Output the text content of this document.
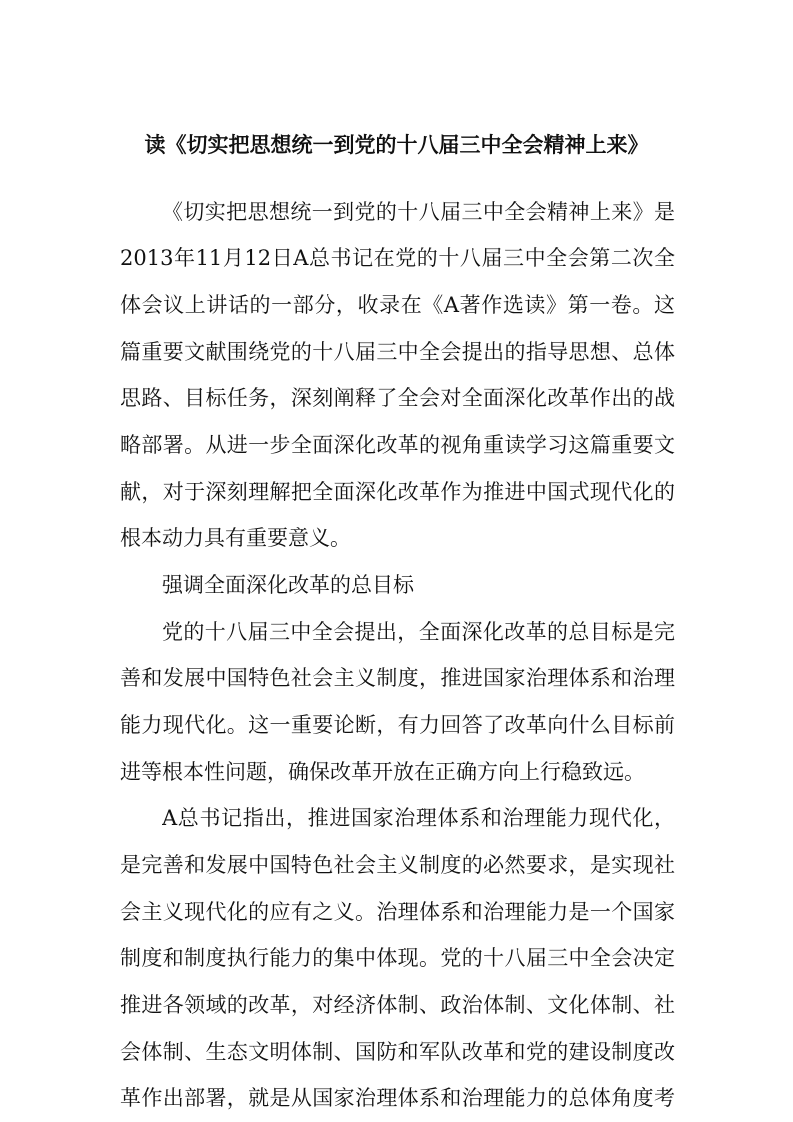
读《切实把思想统一到党的十八届三中全会精神上来》
《切实把思想统一到党的十八届三中全会精神上来》是
2013年11月12日A总书记在党的十八届三中全会第二次全
体会议上讲话的一部分，收录在《A著作选读》第一卷。这
篇重要文献围绕党的十八届三中全会提出的指导思想、总体
思路、目标任务，深刻阐释了全会对全面深化改革作出的战
略部署。从进一步全面深化改革的视角重读学习这篇重要文
献，对于深刻理解把全面深化改革作为推进中国式现代化的
根本动力具有重要意义。
强调全面深化改革的总目标
党的十八届三中全会提出，全面深化改革的总目标是完
善和发展中国特色社会主义制度，推进国家治理体系和治理
能力现代化。这一重要论断，有力回答了改革向什么目标前
进等根本性问题，确保改革开放在正确方向上行稳致远。
A总书记指出，推进国家治理体系和治理能力现代化，
是完善和发展中国特色社会主义制度的必然要求，是实现社
会主义现代化的应有之义。治理体系和治理能力是一个国家
制度和制度执行能力的集中体现。党的十八届三中全会决定
推进各领域的改革，对经济体制、政治体制、文化体制、社
会体制、生态文明体制、国防和军队改革和党的建设制度改
革作出部署，就是从国家治理体系和治理能力的总体角度考
